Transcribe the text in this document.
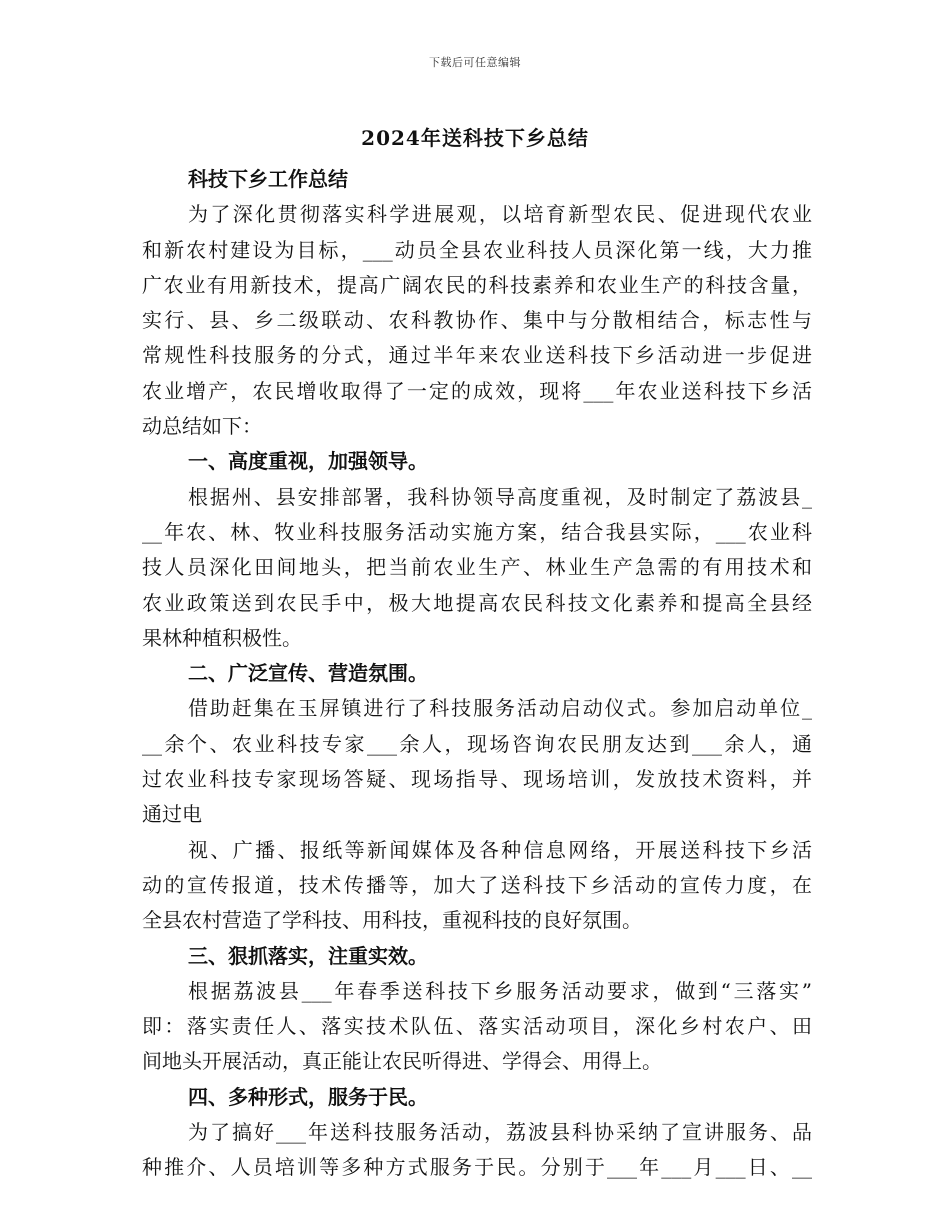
下载后可任意编辑
2024年送科技下乡总结
科技下乡工作总结
为了深化贯彻落实科学进展观，以培育新型农民、促进现代农业
和新农村建设为目标，___动员全县农业科技人员深化第一线，大力推
广农业有用新技术，提高广阔农民的科技素养和农业生产的科技含量，
实行、县、乡二级联动、农科教协作、集中与分散相结合，标志性与
常规性科技服务的分式，通过半年来农业送科技下乡活动进一步促进
农业增产，农民增收取得了一定的成效，现将___年农业送科技下乡活
动总结如下：
一、高度重视，加强领导。
根据州、县安排部署，我科协领导高度重视，及时制定了荔波县_
__年农、林、牧业科技服务活动实施方案，结合我县实际，___农业科
技人员深化田间地头，把当前农业生产、林业生产急需的有用技术和
农业政策送到农民手中，极大地提高农民科技文化素养和提高全县经
果林种植积极性。
二、广泛宣传、营造氛围。
借助赶集在玉屏镇进行了科技服务活动启动仪式。参加启动单位_
__余个、农业科技专家___余人，现场咨询农民朋友达到___余人，通
过农业科技专家现场答疑、现场指导、现场培训，发放技术资料，并
通过电
视、广播、报纸等新闻媒体及各种信息网络，开展送科技下乡活
动的宣传报道，技术传播等，加大了送科技下乡活动的宣传力度，在
全县农村营造了学科技、用科技，重视科技的良好氛围。
三、狠抓落实，注重实效。
根据荔波县___年春季送科技下乡服务活动要求，做到“三落实”
即：落实责任人、落实技术队伍、落实活动项目，深化乡村农户、田
间地头开展活动，真正能让农民听得进、学得会、用得上。
四、多种形式，服务于民。
为了搞好___年送科技服务活动，荔波县科协采纳了宣讲服务、品
种推介、人员培训等多种方式服务于民。分别于___年___月___日、__
